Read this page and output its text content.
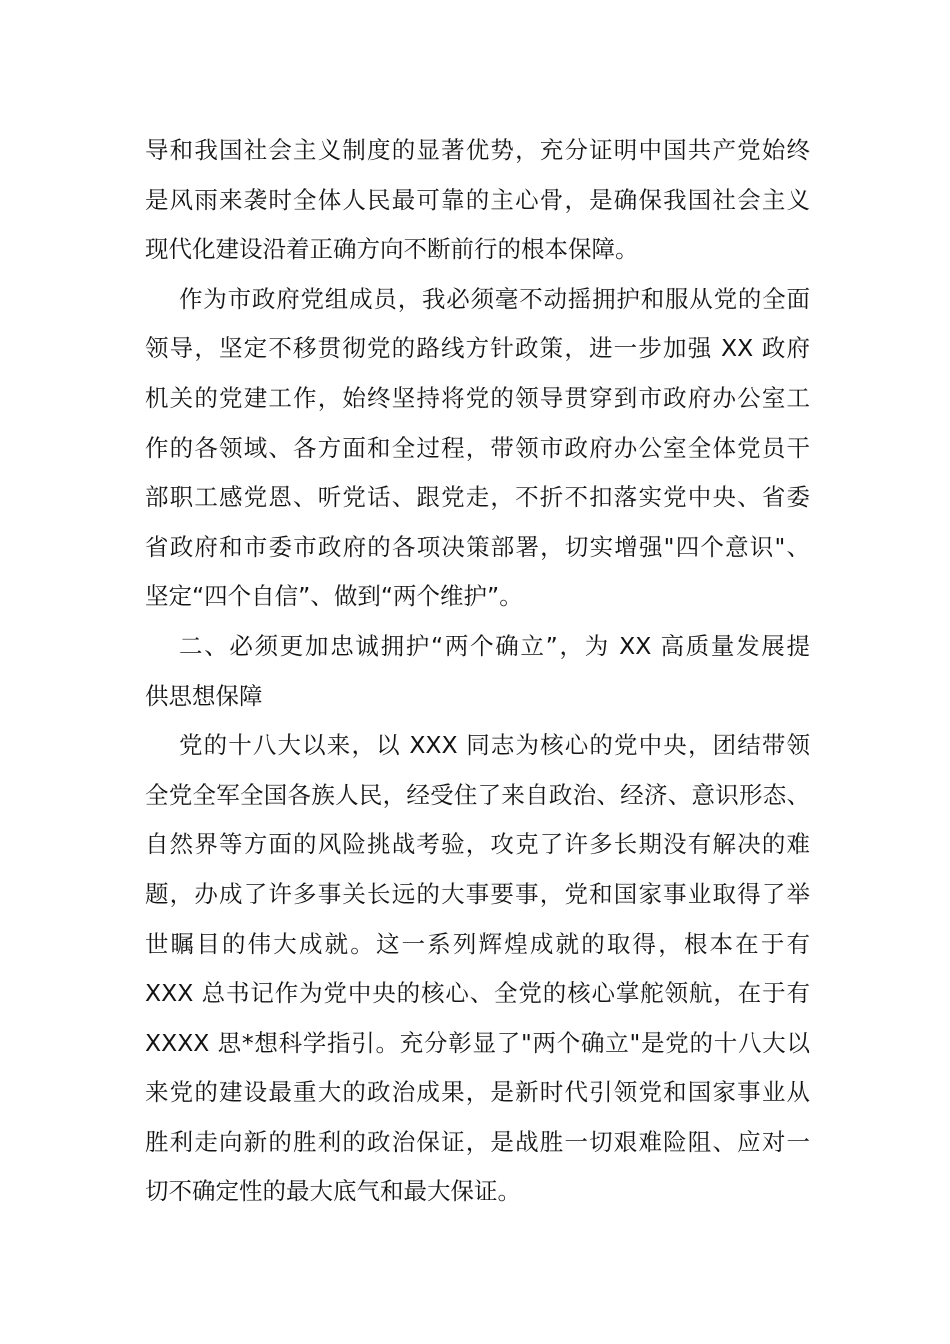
导和我国社会主义制度的显著优势，充分证明中国共产党始终
是风雨来袭时全体人民最可靠的主心骨，是确保我国社会主义
现代化建设沿着正确方向不断前行的根本保障。
作为市政府党组成员，我必须毫不动摇拥护和服从党的全面
领导，坚定不移贯彻党的路线方针政策，进一步加强 XX 政府
机关的党建工作，始终坚持将党的领导贯穿到市政府办公室工
作的各领域、各方面和全过程，带领市政府办公室全体党员干
部职工感党恩、听党话、跟党走，不折不扣落实党中央、省委
省政府和市委市政府的各项决策部署，切实增强"四个意识"、
坚定“四个自信”、做到“两个维护”。
二、必须更加忠诚拥护“两个确立”，为 XX 高质量发展提
供思想保障
党的十八大以来，以 XXX 同志为核心的党中央，团结带领
全党全军全国各族人民，经受住了来自政治、经济、意识形态、
自然界等方面的风险挑战考验，攻克了许多长期没有解决的难
题，办成了许多事关长远的大事要事，党和国家事业取得了举
世瞩目的伟大成就。这一系列辉煌成就的取得，根本在于有
XXX 总书记作为党中央的核心、全党的核心掌舵领航，在于有
XXXX 思*想科学指引。充分彰显了"两个确立"是党的十八大以
来党的建设最重大的政治成果，是新时代引领党和国家事业从
胜利走向新的胜利的政治保证，是战胜一切艰难险阻、应对一
切不确定性的最大底气和最大保证。
